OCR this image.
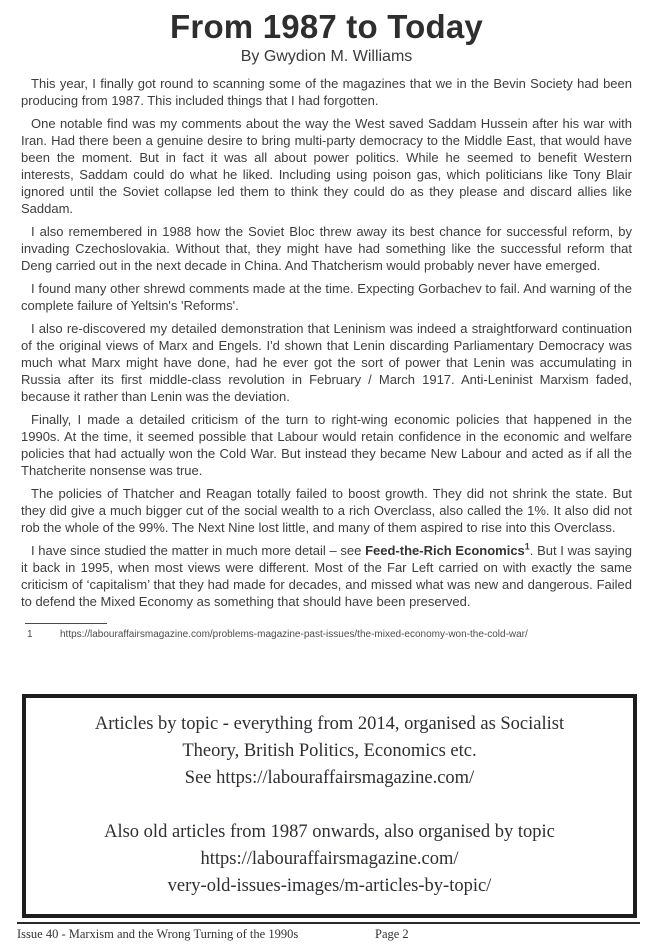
From 1987 to Today
By Gwydion M. Williams

This year, I finally got round to scanning some of the magazines that we in the Bevin Society had been producing from 1987. This included things that I had forgotten.

One notable find was my comments about the way the West saved Saddam Hussein after his war with Iran. Had there been a genuine desire to bring multi-party democracy to the Middle East, that would have been the moment. But in fact it was all about power politics. While he seemed to benefit Western interests, Saddam could do what he liked. Including using poison gas, which politicians like Tony Blair ignored until the Soviet collapse led them to think they could do as they please and discard allies like Saddam.

I also remembered in 1988 how the Soviet Bloc threw away its best chance for successful reform, by invading Czechoslovakia. Without that, they might have had something like the successful reform that Deng carried out in the next decade in China. And Thatcherism would probably never have emerged.

I found many other shrewd comments made at the time. Expecting Gorbachev to fail. And warning of the complete failure of Yeltsin's 'Reforms'.

I also re-discovered my detailed demonstration that Leninism was indeed a straightforward continuation of the original views of Marx and Engels. I'd shown that Lenin discarding Parliamentary Democracy was much what Marx might have done, had he ever got the sort of power that Lenin was accumulating in Russia after its first middle-class revolution in February / March 1917. Anti-Leninist Marxism faded, because it rather than Lenin was the deviation.

Finally, I made a detailed criticism of the turn to right-wing economic policies that happened in the 1990s. At the time, it seemed possible that Labour would retain confidence in the economic and welfare policies that had actually won the Cold War. But instead they became New Labour and acted as if all the Thatcherite nonsense was true.

The policies of Thatcher and Reagan totally failed to boost growth. They did not shrink the state. But they did give a much bigger cut of the social wealth to a rich Overclass, also called the 1%. It also did not rob the whole of the 99%. The Next Nine lost little, and many of them aspired to rise into this Overclass.

I have since studied the matter in much more detail – see Feed-the-Rich Economics$^1$. But I was saying it back in 1995, when most views were different. Most of the Far Left carried on with exactly the same criticism of ‘capitalism’ that they had made for decades, and missed what was new and dangerous. Failed to defend the Mixed Economy as something that should have been preserved.

1	https://labouraffairsmagazine.com/problems-magazine-past-issues/the-mixed-economy-won-the-cold-war/
Articles by topic - everything from 2014, organised as Socialist
Theory, British Politics, Economics etc.
See https://labouraffairsmagazine.com/
Also old articles from 1987 onwards, also organised by topic
https://labouraffairsmagazine.com/
very-old-issues-images/m-articles-by-topic/
Issue 40 - Marxism and the Wrong Turning of the 1990s	Page 2
